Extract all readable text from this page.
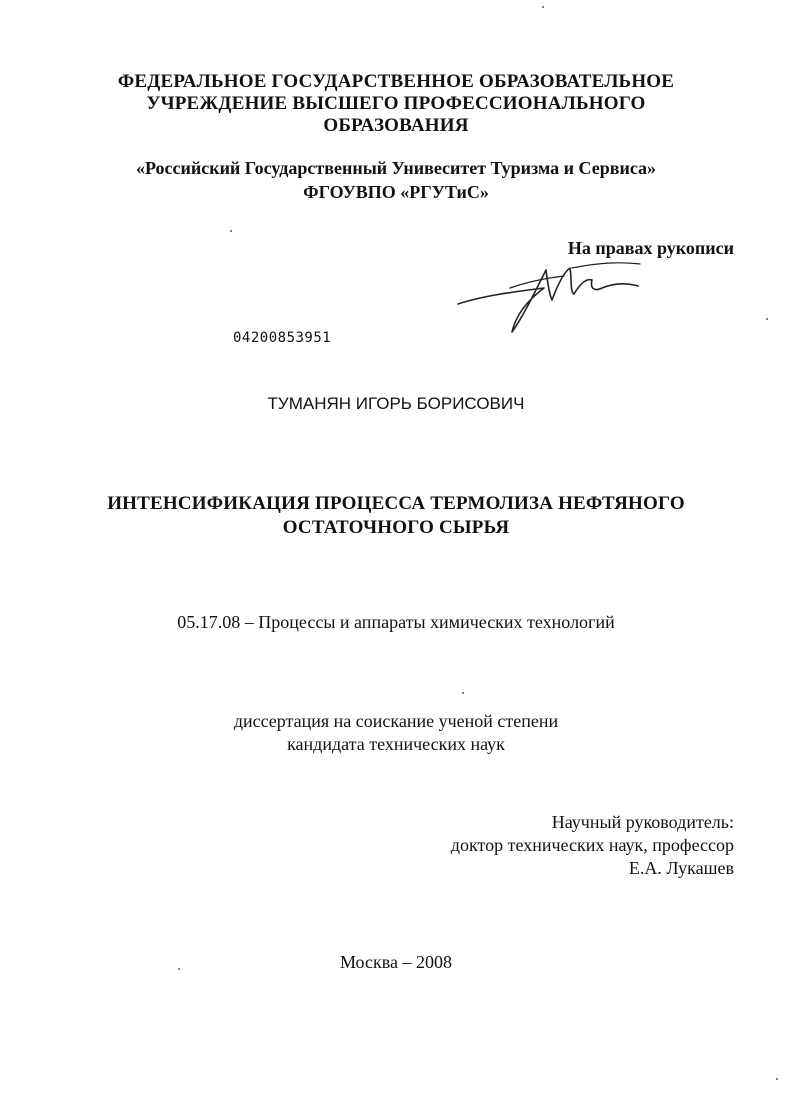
ФЕДЕРАЛЬНОЕ ГОСУДАРСТВЕННОЕ ОБРАЗОВАТЕЛЬНОЕ
УЧРЕЖДЕНИЕ ВЫСШЕГО ПРОФЕССИОНАЛЬНОГО
ОБРАЗОВАНИЯ
«Российский Государственный Унивеситет Туризма и Сервиса»
ФГОУВПО «РГУТиС»
На правах рукописи
04200853951
ТУМАНЯН ИГОРЬ БОРИСОВИЧ
ИНТЕНСИФИКАЦИЯ ПРОЦЕССА ТЕРМОЛИЗА НЕФТЯНОГО
ОСТАТОЧНОГО СЫРЬЯ
05.17.08 – Процессы и аппараты химических технологий
диссертация на соискание ученой степени
кандидата технических наук
Научный руководитель:
доктор технических наук, профессор
Е.А. Лукашев
Москва – 2008
